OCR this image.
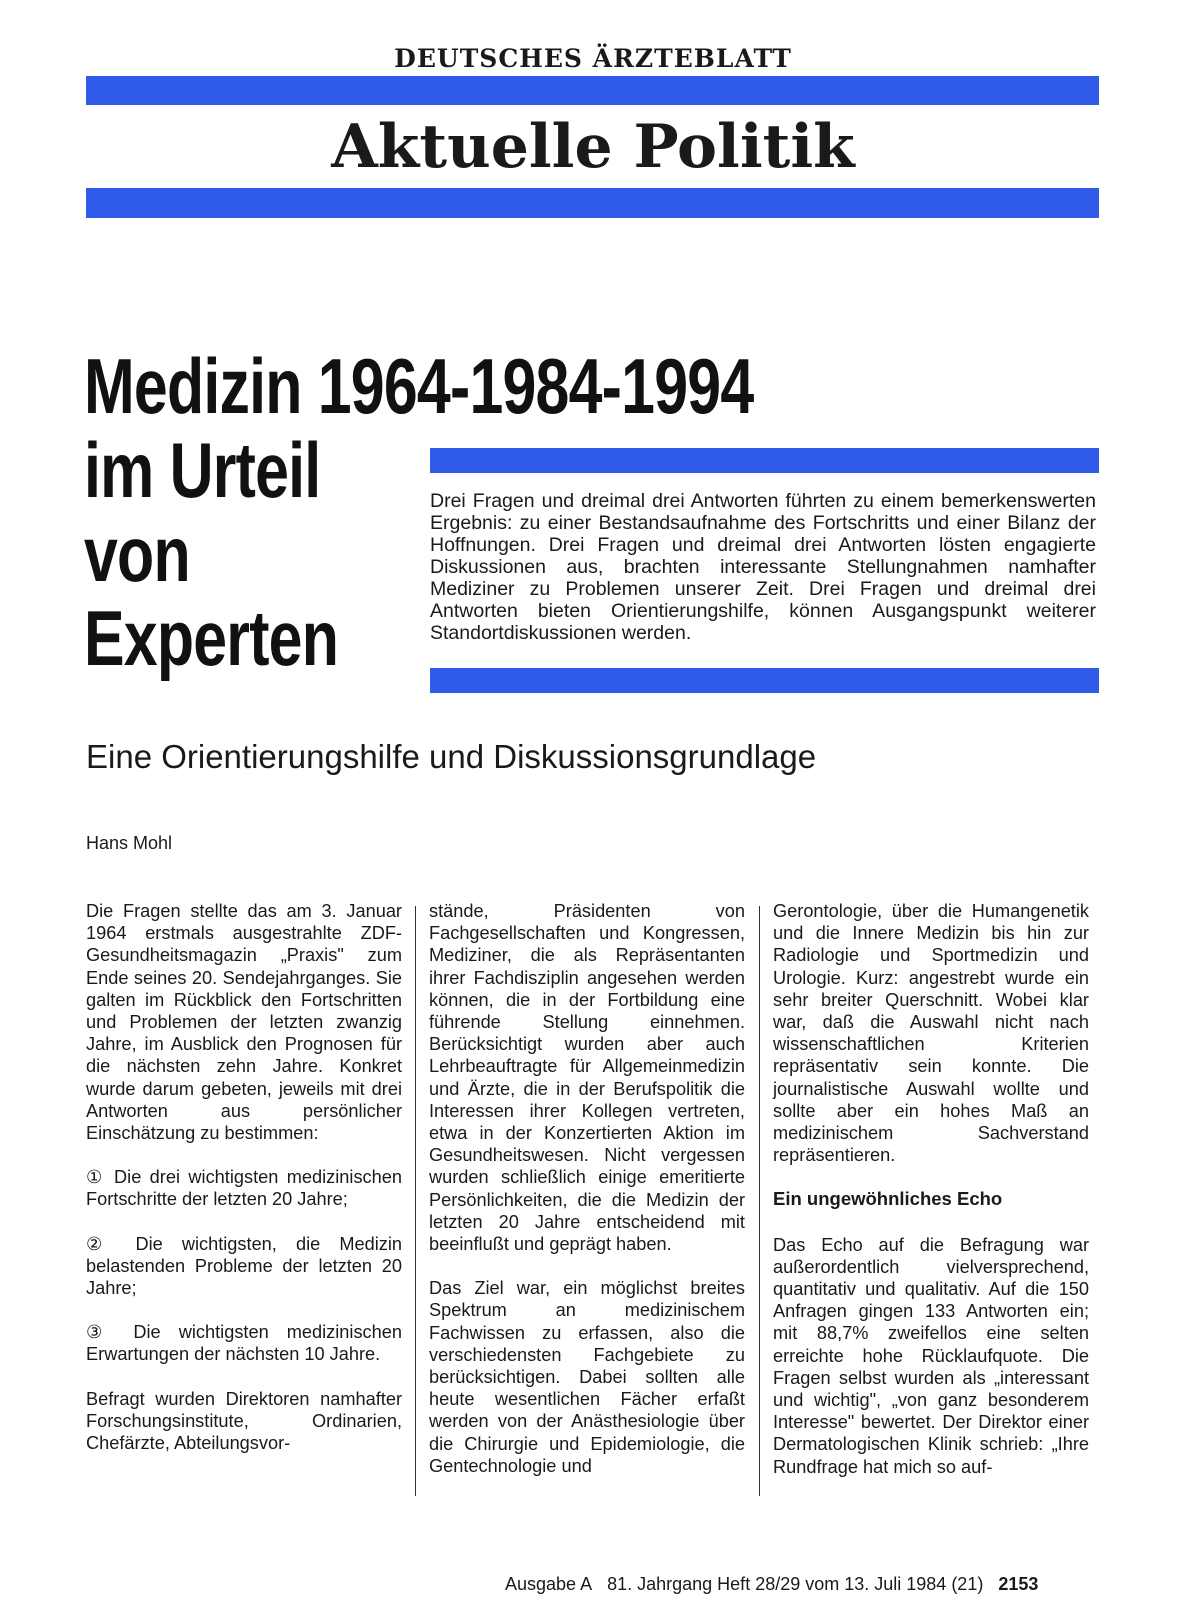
DEUTSCHES ÄRZTEBLATT
Aktuelle Politik
Medizin 1964-1984-1994
im Urteil
von
Experten
Drei Fragen und dreimal drei Antworten führten zu einem bemerkenswerten Ergebnis: zu einer Bestandsaufnahme des Fortschritts und einer Bilanz der Hoffnungen. Drei Fragen und dreimal drei Antworten lösten engagierte Diskussionen aus, brachten interessante Stellungnahmen namhafter Mediziner zu Problemen unserer Zeit. Drei Fragen und dreimal drei Antworten bieten Orientierungshilfe, können Ausgangspunkt weiterer Standortdiskussionen werden.
Eine Orientierungshilfe und Diskussionsgrundlage
Hans Mohl

Die Fragen stellte das am 3. Januar 1964 erstmals ausgestrahlte ZDF-Gesundheitsmagazin „Praxis" zum Ende seines 20. Sendejahrganges. Sie galten im Rückblick den Fortschritten und Problemen der letzten zwanzig Jahre, im Ausblick den Prognosen für die nächsten zehn Jahre. Konkret wurde darum gebeten, jeweils mit drei Antworten aus persönlicher Einschätzung zu bestimmen:

① Die drei wichtigsten medizinischen Fortschritte der letzten 20 Jahre;

② Die wichtigsten, die Medizin belastenden Probleme der letzten 20 Jahre;

③ Die wichtigsten medizinischen Erwartungen der nächsten 10 Jahre.

Befragt wurden Direktoren namhafter Forschungsinstitute, Ordinarien, Chefärzte, Abteilungsvor-

stände, Präsidenten von Fachgesellschaften und Kongressen, Mediziner, die als Repräsentanten ihrer Fachdisziplin angesehen werden können, die in der Fortbildung eine führende Stellung einnehmen. Berücksichtigt wurden aber auch Lehrbeauftragte für Allgemeinmedizin und Ärzte, die in der Berufspolitik die Interessen ihrer Kollegen vertreten, etwa in der Konzertierten Aktion im Gesundheitswesen. Nicht vergessen wurden schließlich einige emeritierte Persönlichkeiten, die die Medizin der letzten 20 Jahre entscheidend mit beeinflußt und geprägt haben.

Das Ziel war, ein möglichst breites Spektrum an medizinischem Fachwissen zu erfassen, also die verschiedensten Fachgebiete zu berücksichtigen. Dabei sollten alle heute wesentlichen Fächer erfaßt werden von der Anästhesiologie über die Chirurgie und Epidemiologie, die Gentechnologie und

Gerontologie, über die Humangenetik und die Innere Medizin bis hin zur Radiologie und Sportmedizin und Urologie. Kurz: angestrebt wurde ein sehr breiter Querschnitt. Wobei klar war, daß die Auswahl nicht nach wissenschaftlichen Kriterien repräsentativ sein konnte. Die journalistische Auswahl wollte und sollte aber ein hohes Maß an medizinischem Sachverstand repräsentieren.

Ein ungewöhnliches Echo

Das Echo auf die Befragung war außerordentlich vielversprechend, quantitativ und qualitativ. Auf die 150 Anfragen gingen 133 Antworten ein; mit 88,7% zweifellos eine selten erreichte hohe Rücklaufquote. Die Fragen selbst wurden als „interessant und wichtig", „von ganz besonderem Interesse" bewertet. Der Direktor einer Dermatologischen Klinik schrieb: „Ihre Rundfrage hat mich so auf-

Ausgabe A 81. Jahrgang Heft 28/29 vom 13. Juli 1984 (21) 2153
